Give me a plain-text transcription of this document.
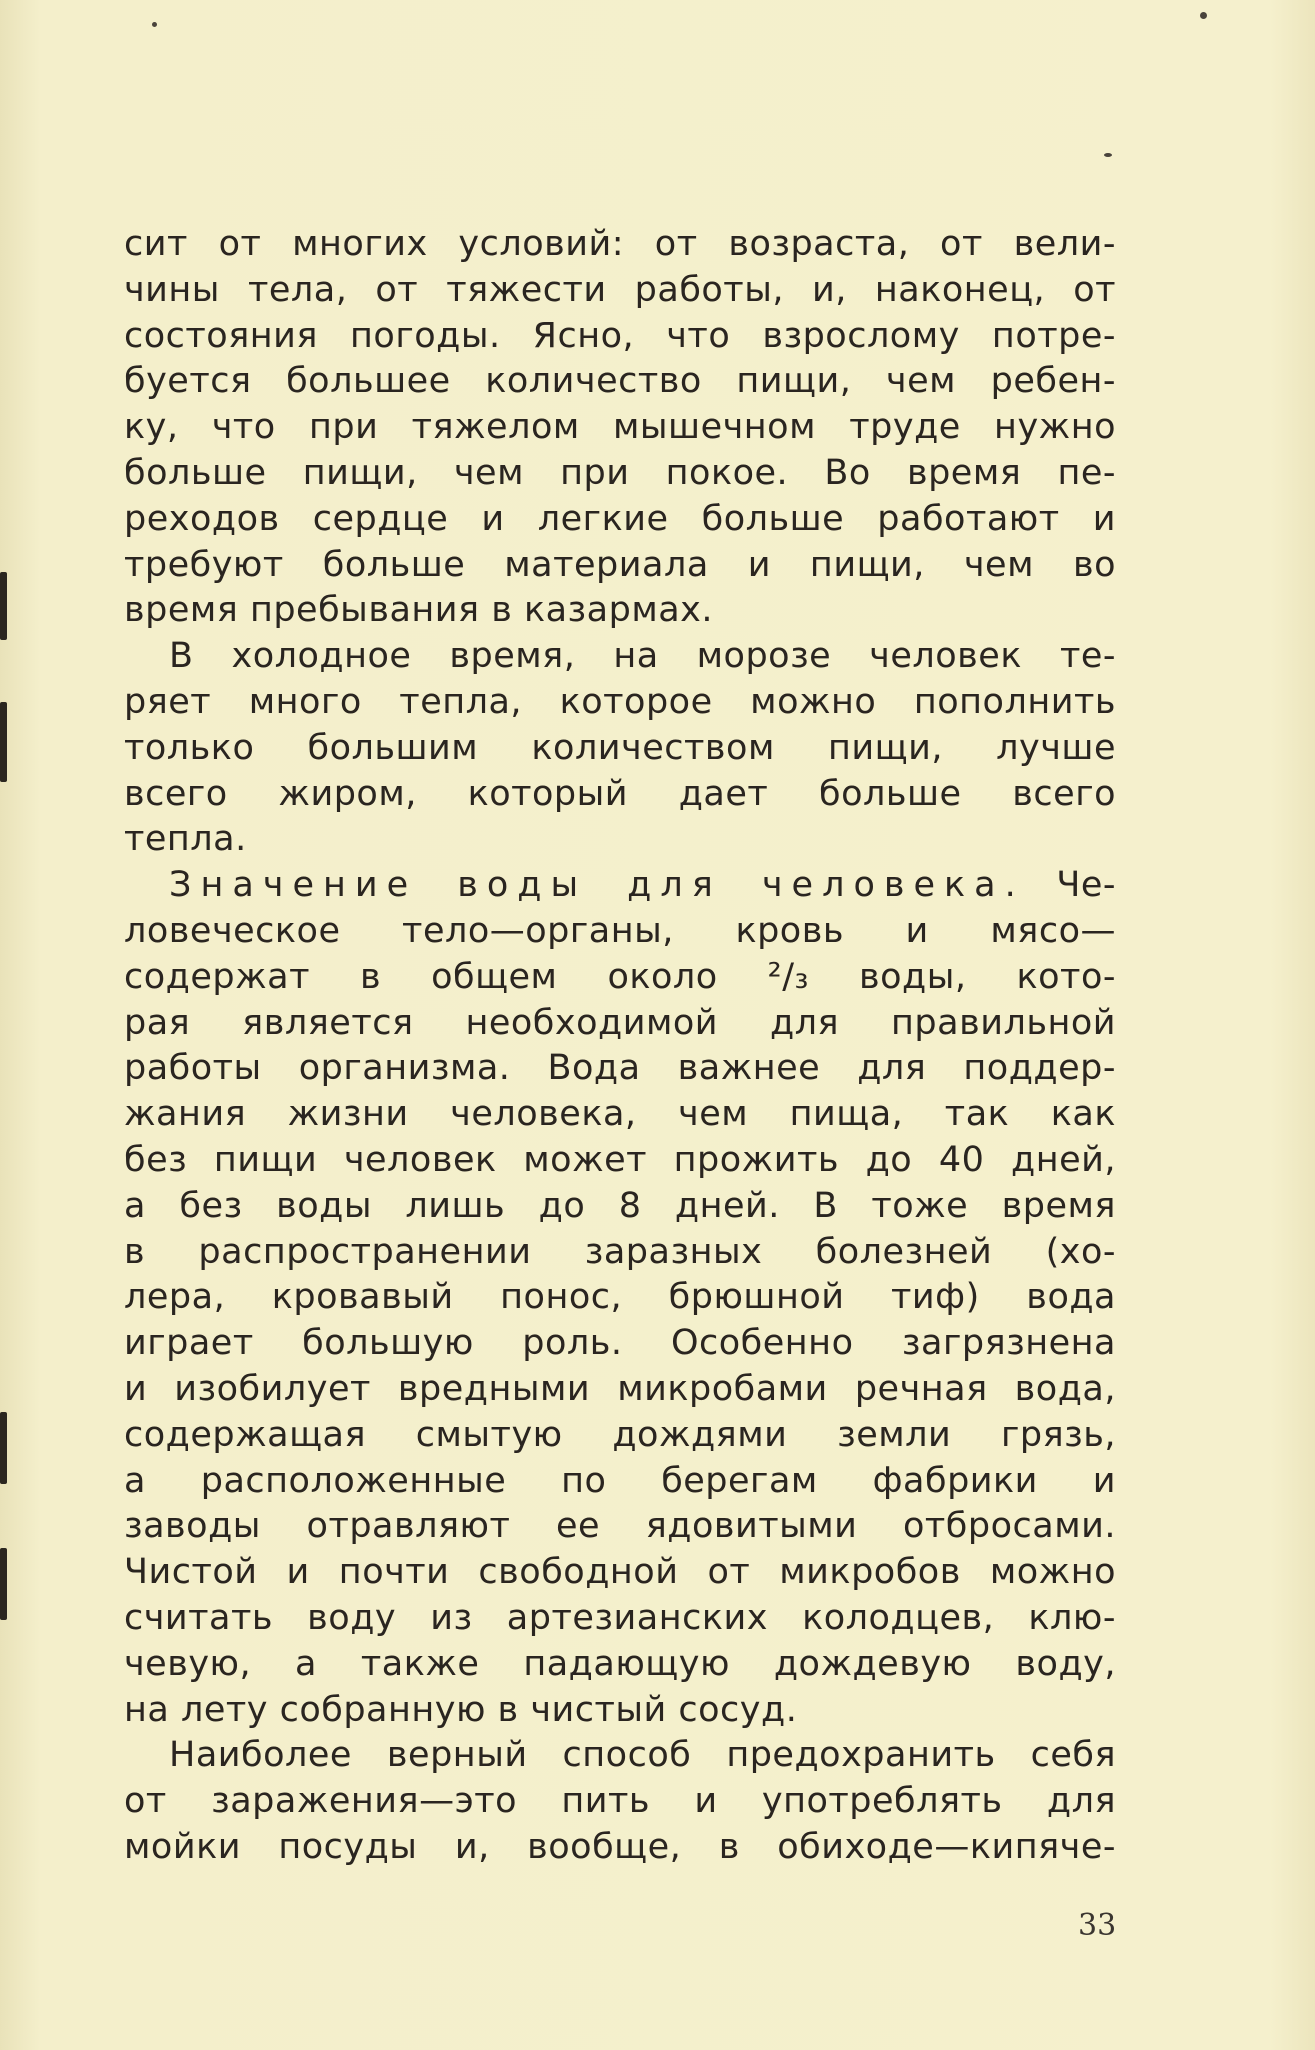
сит от многих условий: от возраста, от вели-
чины тела, от тяжести работы, и, наконец, от
состояния погоды. Ясно, что взрослому потре-
буется большее количество пищи, чем ребен-
ку, что при тяжелом мышечном труде нужно
больше пищи, чем при покое. Во время пе-
реходов сердце и легкие больше работают и
требуют больше материала и пищи, чем во
время пребывания в казармах.
В холодное время, на морозе человек те-
ряет много тепла, которое можно пополнить
только большим количеством пищи, лучше
всего жиром, который дает больше всего
тепла.
Значение воды для человека. Че-
ловеческое тело—органы, кровь и мясо—
содержат в общем около ²/₃ воды, кото-
рая является необходимой для правильной
работы организма. Вода важнее для поддер-
жания жизни человека, чем пища, так как
без пищи человек может прожить до 40 дней,
а без воды лишь до 8 дней. В тоже время
в распространении заразных болезней (хо-
лера, кровавый понос, брюшной тиф) вода
играет большую роль. Особенно загрязнена
и изобилует вредными микробами речная вода,
содержащая смытую дождями земли грязь,
а расположенные по берегам фабрики и
заводы отравляют ее ядовитыми отбросами.
Чистой и почти свободной от микробов можно
считать воду из артезианских колодцев, клю-
чевую, а также падающую дождевую воду,
на лету собранную в чистый сосуд.
Наиболее верный способ предохранить себя
от заражения—это пить и употреблять для
мойки посуды и, вообще, в обиходе—кипяче-
33
